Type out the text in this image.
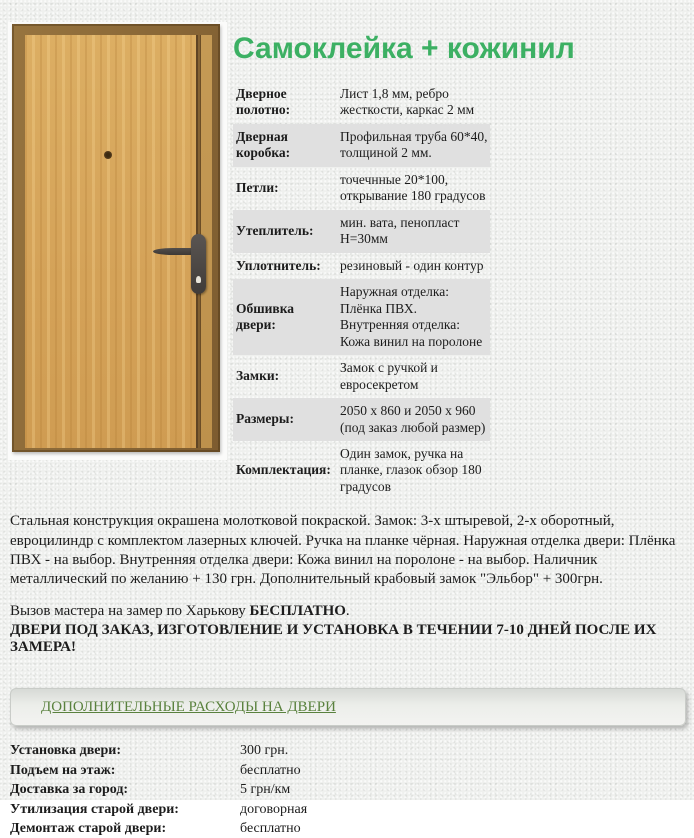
Самоклейка + кожинил
Дверное полотно:	Лист 1,8 мм, ребро жесткости, каркас 2 мм
Дверная коробка:	Профильная труба 60*40, толщиной 2 мм.
Петли:	точечнные 20*100, открывание 180 градусов
Утеплитель:	мин. вата, пенопласт Н=30мм
Уплотнитель:	резиновый - один контур
Обшивка двери:	Наружная отделка: Плёнка ПВХ. Внутренняя отделка: Кожа винил на поролоне
Замки:	Замок с ручкой и евросекретом
Размеры:	2050 x 860 и 2050 x 960 (под заказ любой размер)
Комплектация:	Один замок, ручка на планке, глазок обзор 180 градусов

Стальная конструкция окрашена молотковой покраской. Замок: 3-х штыревой, 2-х оборотный, евроцилиндр с комплектом лазерных ключей. Ручка на планке чёрная. Наружная отделка двери: Плёнка ПВХ - на выбор. Внутренняя отделка двери: Кожа винил на поролоне - на выбор. Наличник металлический по желанию + 130 грн. Дополнительный крабовый замок "Эльбор" + 300грн.

Вызов мастера на замер по Харькову БЕСПЛАТНО.

ДВЕРИ ПОД ЗАКАЗ, ИЗГОТОВЛЕНИЕ И УСТАНОВКА В ТЕЧЕНИИ 7-10 ДНЕЙ ПОСЛЕ ИХ ЗАМЕРА!

ДОПОЛНИТЕЛЬНЫЕ РАСХОДЫ НА ДВЕРИ
Установка двери:	300 грн.
Подъем на этаж:	бесплатно
Доставка за город:	5 грн/км
Утилизация старой двери:	договорная
Демонтаж старой двери:	бесплатно
